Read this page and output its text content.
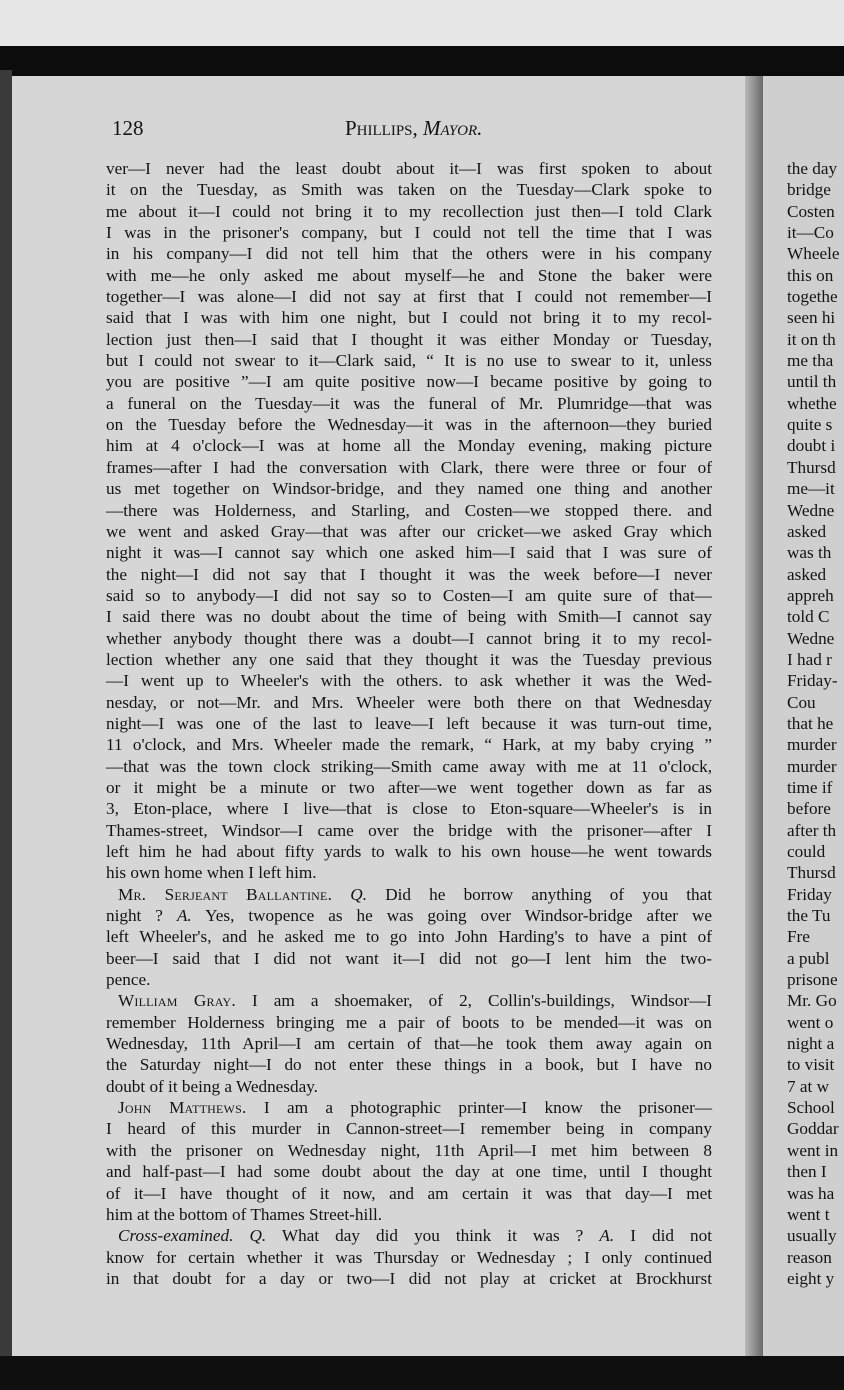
128	Phillips, Mayor.
ver—I never had the least doubt about it—I was first spoken to about
it on the Tuesday, as Smith was taken on the Tuesday—Clark spoke to
me about it—I could not bring it to my recollection just then—I told Clark
I was in the prisoner's company, but I could not tell the time that I was
in his company—I did not tell him that the others were in his company
with me—he only asked me about myself—he and Stone the baker were
together—I was alone—I did not say at first that I could not remember—I
said that I was with him one night, but I could not bring it to my recol-
lection just then—I said that I thought it was either Monday or Tuesday,
but I could not swear to it—Clark said, “ It is no use to swear to it, unless
you are positive ”—I am quite positive now—I became positive by going to
a funeral on the Tuesday—it was the funeral of Mr. Plumridge—that was
on the Tuesday before the Wednesday—it was in the afternoon—they buried
him at 4 o'clock—I was at home all the Monday evening, making picture
frames—after I had the conversation with Clark, there were three or four of
us met together on Windsor-bridge, and they named one thing and another
—there was Holderness, and Starling, and Costen—we stopped there. and
we went and asked Gray—that was after our cricket—we asked Gray which
night it was—I cannot say which one asked him—I said that I was sure of
the night—I did not say that I thought it was the week before—I never
said so to anybody—I did not say so to Costen—I am quite sure of that—
I said there was no doubt about the time of being with Smith—I cannot say
whether anybody thought there was a doubt—I cannot bring it to my recol-
lection whether any one said that they thought it was the Tuesday previous
—I went up to Wheeler's with the others. to ask whether it was the Wed-
nesday, or not—Mr. and Mrs. Wheeler were both there on that Wednesday
night—I was one of the last to leave—I left because it was turn-out time,
11 o'clock, and Mrs. Wheeler made the remark, “ Hark, at my baby crying ”
—that was the town clock striking—Smith came away with me at 11 o'clock,
or it might be a minute or two after—we went together down as far as
3, Eton-place, where I live—that is close to Eton-square—Wheeler's is in
Thames-street, Windsor—I came over the bridge with the prisoner—after I
left him he had about fifty yards to walk to his own house—he went towards
his own home when I left him.
Mr. Serjeant Ballantine. Q. Did he borrow anything of you that
night ? A. Yes, twopence as he was going over Windsor-bridge after we
left Wheeler's, and he asked me to go into John Harding's to have a pint of
beer—I said that I did not want it—I did not go—I lent him the two-
pence.
William Gray. I am a shoemaker, of 2, Collin's-buildings, Windsor—I
remember Holderness bringing me a pair of boots to be mended—it was on
Wednesday, 11th April—I am certain of that—he took them away again on
the Saturday night—I do not enter these things in a book, but I have no
doubt of it being a Wednesday.
John Matthews. I am a photographic printer—I know the prisoner—
I heard of this murder in Cannon-street—I remember being in company
with the prisoner on Wednesday night, 11th April—I met him between 8
and half-past—I had some doubt about the day at one time, until I thought
of it—I have thought of it now, and am certain it was that day—I met
him at the bottom of Thames Street-hill.
Cross-examined. Q. What day did you think it was ? A. I did not
know for certain whether it was Thursday or Wednesday ; I only continued
in that doubt for a day or two—I did not play at cricket at Brockhurst
the day
bridge
Costen
it—Co
Wheele
this on
togethe
seen hi
it on th
me tha
until th
whethe
quite s
doubt i
Thursd
me—it
Wedne
asked
was th
asked
appreh
told C
Wedne
I had r
Friday-
Cou
that he
murder
murder
time if
before
after th
could
Thursd
Friday
the Tu
Fre
a publ
prisone
Mr. Go
went o
night a
to visit
7 at w
School
Goddar
went in
then I
was ha
went t
usually
reason
eight y
